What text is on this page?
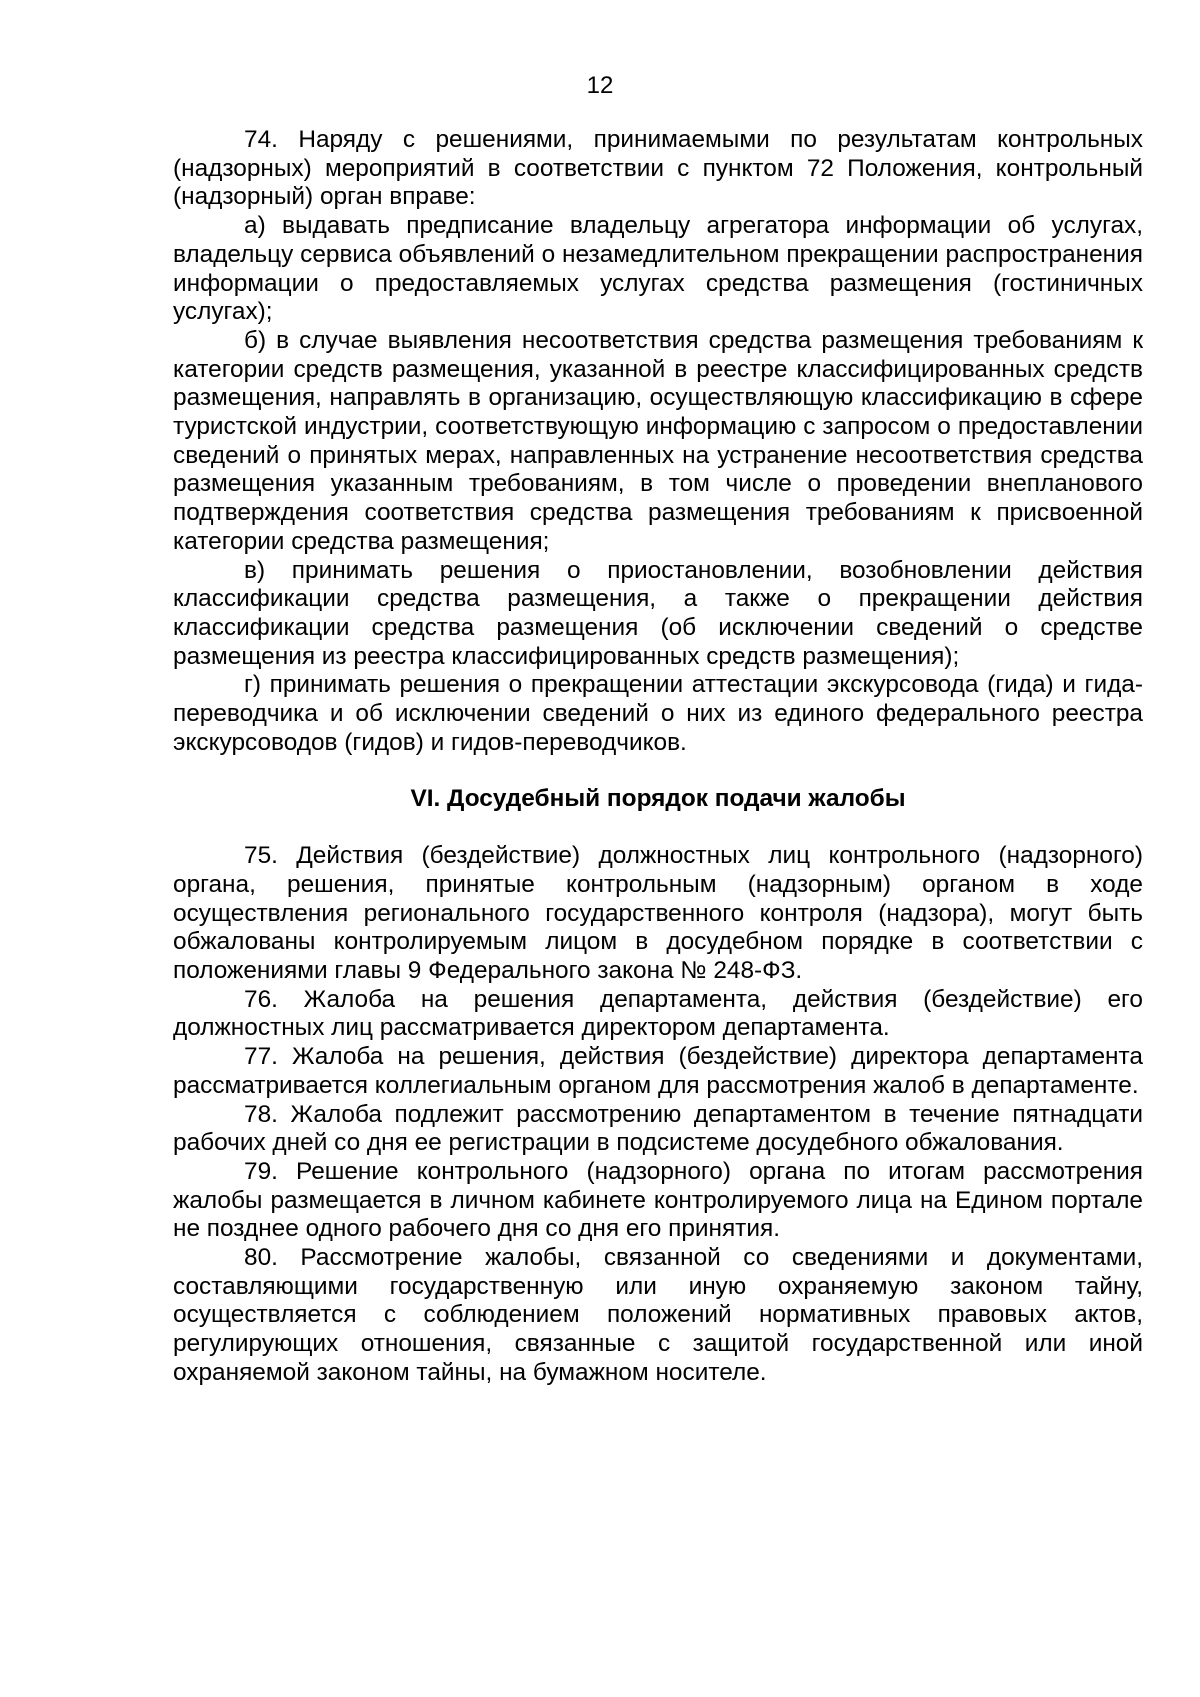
12

74. Наряду с решениями, принимаемыми по результатам контрольных (надзорных) мероприятий в соответствии с пунктом 72 Положения, контрольный (надзорный) орган вправе:

а) выдавать предписание владельцу агрегатора информации об услугах, владельцу сервиса объявлений о незамедлительном прекращении распространения информации о предоставляемых услугах средства размещения (гостиничных услугах);

б) в случае выявления несоответствия средства размещения требованиям к категории средств размещения, указанной в реестре классифицированных средств размещения, направлять в организацию, осуществляющую классификацию в сфере туристской индустрии, соответствующую информацию с запросом о предоставлении сведений о принятых мерах, направленных на устранение несоответствия средства размещения указанным требованиям, в том числе о проведении внепланового подтверждения соответствия средства размещения требованиям к присвоенной категории средства размещения;

в) принимать решения о приостановлении, возобновлении действия классификации средства размещения, а также о прекращении действия классификации средства размещения (об исключении сведений о средстве размещения из реестра классифицированных средств размещения);

г) принимать решения о прекращении аттестации экскурсовода (гида) и гида-переводчика и об исключении сведений о них из единого федерального реестра экскурсоводов (гидов) и гидов-переводчиков.

VI. Досудебный порядок подачи жалобы

75. Действия (бездействие) должностных лиц контрольного (надзорного) органа, решения, принятые контрольным (надзорным) органом в ходе осуществления регионального государственного контроля (надзора), могут быть обжалованы контролируемым лицом в досудебном порядке в соответствии с положениями главы 9 Федерального закона № 248-ФЗ.

76. Жалоба на решения департамента, действия (бездействие) его должностных лиц рассматривается директором департамента.

77. Жалоба на решения, действия (бездействие) директора департамента рассматривается коллегиальным органом для рассмотрения жалоб в департаменте.

78. Жалоба подлежит рассмотрению департаментом в течение пятнадцати рабочих дней со дня ее регистрации в подсистеме досудебного обжалования.

79. Решение контрольного (надзорного) органа по итогам рассмотрения жалобы размещается в личном кабинете контролируемого лица на Едином портале не позднее одного рабочего дня со дня его принятия.

80. Рассмотрение жалобы, связанной со сведениями и документами, составляющими государственную или иную охраняемую законом тайну, осуществляется с соблюдением положений нормативных правовых актов, регулирующих отношения, связанные с защитой государственной или иной охраняемой законом тайны, на бумажном носителе.
